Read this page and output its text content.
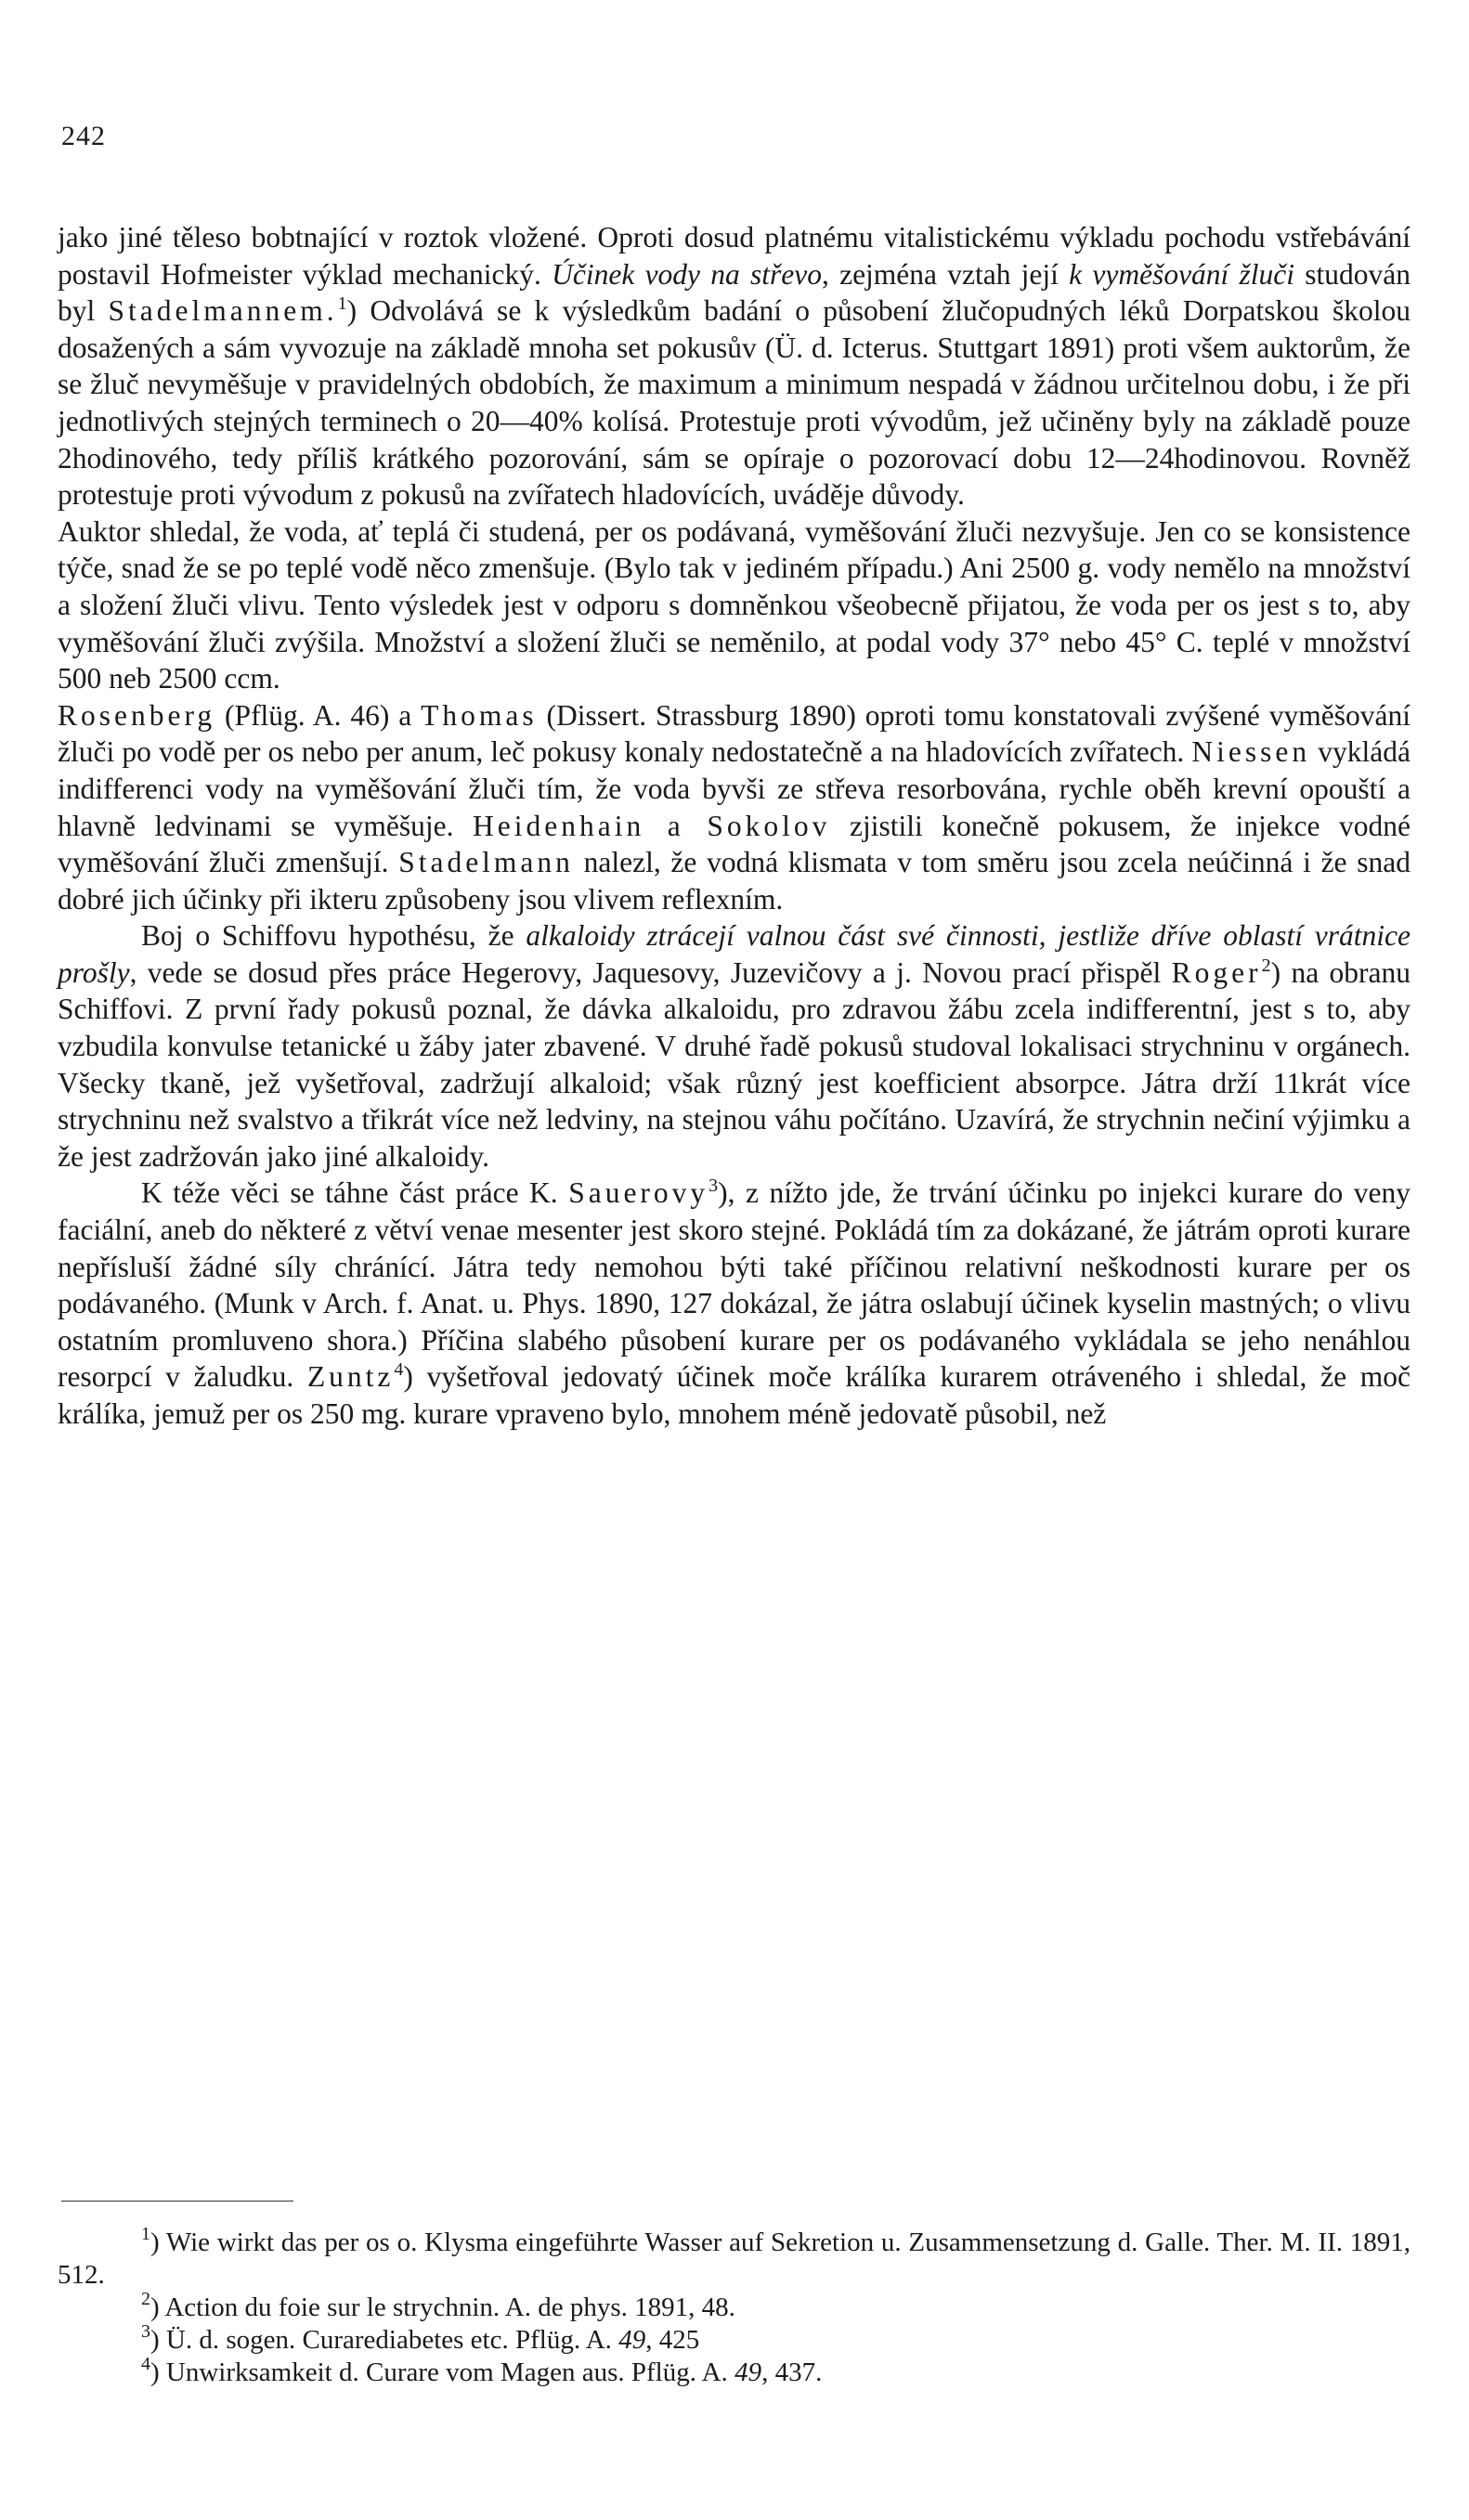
242

jako jiné těleso bobtnající v roztok vložené. Oproti dosud platnému vitalistickému výkladu pochodu vstřebávání postavil Hofmeister výklad mechanický. Účinek vody na střevo, zejména vztah její k vyměšování žluči studován byl Stadelmannem.$^1$) Odvolává se k výsledkům badání o působení žlučopudných léků Dorpatskou školou dosažených a sám vyvozuje na základě mnoha set pokusův (Ü. d. Icterus. Stuttgart 1891) proti všem auktorům, že se žluč nevyměšuje v pravidelných obdobích, že maximum a minimum nespadá v žádnou určitelnou dobu, i že při jednotlivých stejných terminech o 20—40% kolísá. Protestuje proti vývodům, jež učiněny byly na základě pouze 2hodinového, tedy příliš krátkého pozorování, sám se opíraje o pozorovací dobu 12—24hodinovou. Rovněž protestuje proti vývodum z pokusů na zvířatech hladovících, uváděje důvody.

Auktor shledal, že voda, ať teplá či studená, per os podávaná, vyměšování žluči nezvyšuje. Jen co se konsistence týče, snad že se po teplé vodě něco zmenšuje. (Bylo tak v jediném případu.) Ani 2500 g. vody nemělo na množství a složení žluči vlivu. Tento výsledek jest v odporu s domněnkou všeobecně přijatou, že voda per os jest s to, aby vyměšování žluči zvýšila. Množství a složení žluči se neměnilo, at podal vody 37° nebo 45° C. teplé v množství 500 neb 2500 ccm.

Rosenberg (Pflüg. A. 46) a Thomas (Dissert. Strassburg 1890) oproti tomu konstatovali zvýšené vyměšování žluči po vodě per os nebo per anum, leč pokusy konaly nedostatečně a na hladovících zvířatech. Niessen vykládá indifferenci vody na vyměšování žluči tím, že voda byvši ze střeva resorbována, rychle oběh krevní opouští a hlavně ledvinami se vyměšuje. Heidenhain a Sokolov zjistili konečně pokusem, že injekce vodné vyměšování žluči zmenšují. Stadelmann nalezl, že vodná klismata v tom směru jsou zcela neúčinná i že snad dobré jich účinky při ikteru způsobeny jsou vlivem reflexním.

Boj o Schiffovu hypothésu, že alkaloidy ztrácejí valnou část své činnosti, jestliže dříve oblastí vrátnice prošly, vede se dosud přes práce Hegerovy, Jaquesovy, Juzevičovy a j. Novou prací přispěl Roger$^2$) na obranu Schiffovi. Z první řady pokusů poznal, že dávka alkaloidu, pro zdravou žábu zcela indifferentní, jest s to, aby vzbudila konvulse tetanické u žáby jater zbavené. V druhé řadě pokusů studoval lokalisaci strychninu v orgánech. Všecky tkaně, jež vyšetřoval, zadržují alkaloid; však různý jest koefficient absorpce. Játra drží 11krát více strychninu než svalstvo a třikrát více než ledviny, na stejnou váhu počítáno. Uzavírá, že strychnin nečiní výjimku a že jest zadržován jako jiné alkaloidy.

K téže věci se táhne část práce K. Sauerovy$^3$), z nížto jde, že trvání účinku po injekci kurare do veny faciální, aneb do některé z větví venae mesenter jest skoro stejné. Pokládá tím za dokázané, že játrám oproti kurare nepřísluší žádné síly chránící. Játra tedy nemohou býti také příčinou relativní neškodnosti kurare per os podávaného. (Munk v Arch. f. Anat. u. Phys. 1890, 127 dokázal, že játra oslabují účinek kyselin mastných; o vlivu ostatním promluveno shora.) Příčina slabého působení kurare per os podávaného vykládala se jeho nenáhlou resorpcí v žaludku. Zuntz$^4$) vyšetřoval jedovatý účinek moče králíka kurarem otráveného i shledal, že moč králíka, jemuž per os 250 mg. kurare vpraveno bylo, mnohem méně jedovatě působil, než

$^1$) Wie wirkt das per os o. Klysma eingeführte Wasser auf Sekretion u. Zusammensetzung d. Galle. Ther. M. II. 1891, 512.

$^2$) Action du foie sur le strychnin. A. de phys. 1891, 48.

$^3$) Ü. d. sogen. Curarediabetes etc. Pflüg. A. 49, 425

$^4$) Unwirksamkeit d. Curare vom Magen aus. Pflüg. A. 49, 437.
